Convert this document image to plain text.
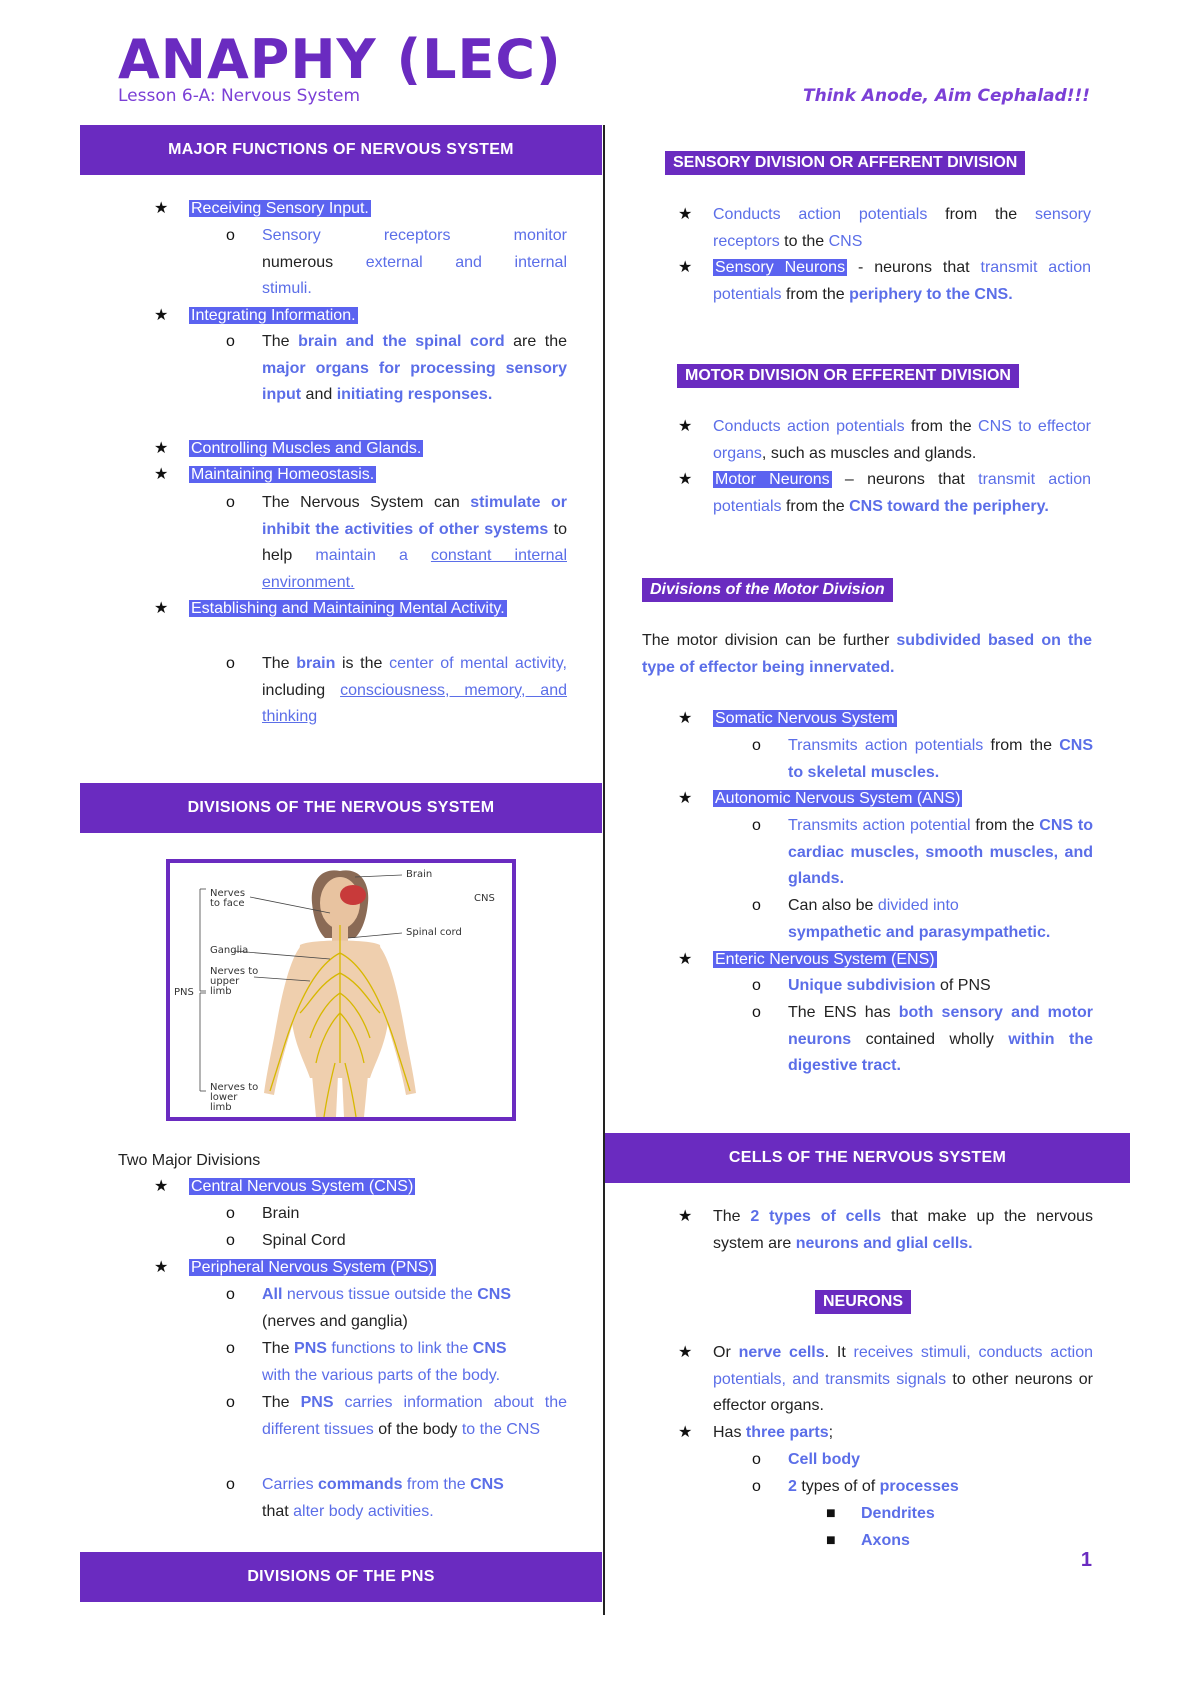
ANAPHY (LEC)
Lesson 6-A: Nervous System	Think Anode, Aim Cephalad!!!
MAJOR FUNCTIONS OF NERVOUS SYSTEM
★ Receiving Sensory Input.
o Sensory	receptors	monitor
numerous external and internal
stimuli.
★ Integrating Information.
o The brain and the spinal cord are the major organs for processing sensory input and initiating responses.
★ Controlling Muscles and Glands.
★ Maintaining Homeostasis.
o The Nervous System can stimulate or inhibit the activities of other systems to help maintain a constant internal environment.
★ Establishing and Maintaining Mental Activity.
o The brain is the center of mental activity, including consciousness, memory, and thinking
DIVISIONS OF THE NERVOUS SYSTEM
Brain
CNS
Nerves to face
Spinal cord
Ganglia
Nerves to upper limb
PNS
Nerves to lower limb
Two Major Divisions
★ Central Nervous System (CNS)
o Brain
o Spinal Cord
★ Peripheral Nervous System (PNS)
o All nervous tissue outside the CNS
(nerves and ganglia)
o The PNS functions to link the CNS
with the various parts of the body.
o The PNS carries information about the different tissues of the body to the CNS
o Carries commands from the CNS
that alter body activities.
DIVISIONS OF THE PNS
SENSORY DIVISION OR AFFERENT DIVISION
★ Conducts action potentials from the sensory receptors to the CNS
★ Sensory Neurons - neurons that transmit action potentials from the periphery to the CNS.
MOTOR DIVISION OR EFFERENT DIVISION
★ Conducts action potentials from the CNS to effector organs, such as muscles and glands.
★ Motor Neurons – neurons that transmit action potentials from the CNS toward the periphery.
Divisions of the Motor Division
The motor division can be further subdivided based on the type of effector being innervated.
★ Somatic Nervous System
o Transmits action potentials from the CNS to skeletal muscles.
★ Autonomic Nervous System (ANS)
o Transmits action potential from the CNS to cardiac muscles, smooth muscles, and glands.
o Can also be divided into
sympathetic and parasympathetic.
★ Enteric Nervous System (ENS)
o Unique subdivision of PNS
o The ENS has both sensory and motor neurons contained wholly within the digestive tract.
CELLS OF THE NERVOUS SYSTEM
★ The 2 types of cells that make up the nervous system are neurons and glial cells.
NEURONS
★ Or nerve cells. It receives stimuli, conducts action potentials, and transmits signals to other neurons or effector organs.
★ Has three parts;
o Cell body
o 2 types of of processes
■ Dendrites
■ Axons
1
